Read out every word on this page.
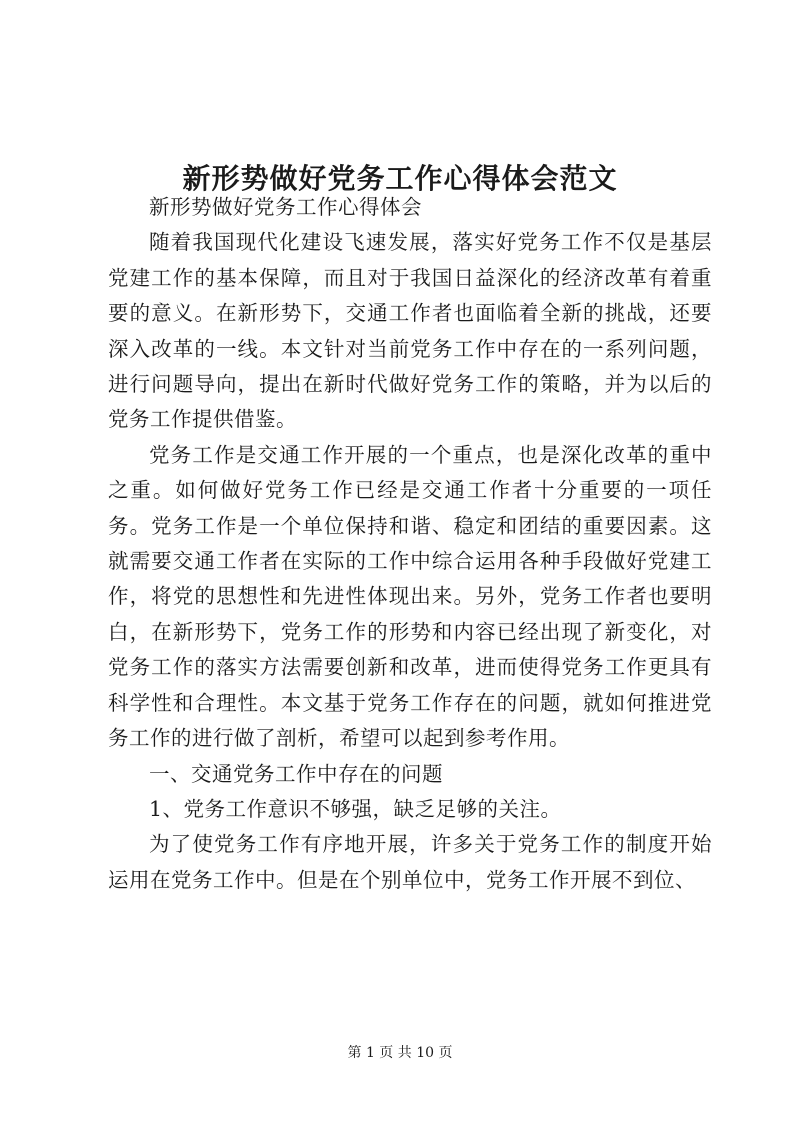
新形势做好党务工作心得体会范文

新形势做好党务工作心得体会

随着我国现代化建设飞速发展，落实好党务工作不仅是基层党建工作的基本保障，而且对于我国日益深化的经济改革有着重要的意义。在新形势下，交通工作者也面临着全新的挑战，还要深入改革的一线。本文针对当前党务工作中存在的一系列问题，进行问题导向，提出在新时代做好党务工作的策略，并为以后的党务工作提供借鉴。

党务工作是交通工作开展的一个重点，也是深化改革的重中之重。如何做好党务工作已经是交通工作者十分重要的一项任务。党务工作是一个单位保持和谐、稳定和团结的重要因素。这就需要交通工作者在实际的工作中综合运用各种手段做好党建工作，将党的思想性和先进性体现出来。另外，党务工作者也要明白，在新形势下，党务工作的形势和内容已经出现了新变化，对党务工作的落实方法需要创新和改革，进而使得党务工作更具有科学性和合理性。本文基于党务工作存在的问题，就如何推进党务工作的进行做了剖析，希望可以起到参考作用。

一、交通党务工作中存在的问题

1、党务工作意识不够强，缺乏足够的关注。

为了使党务工作有序地开展，许多关于党务工作的制度开始运用在党务工作中。但是在个别单位中，党务工作开展不到位、

第 1 页 共 10 页
